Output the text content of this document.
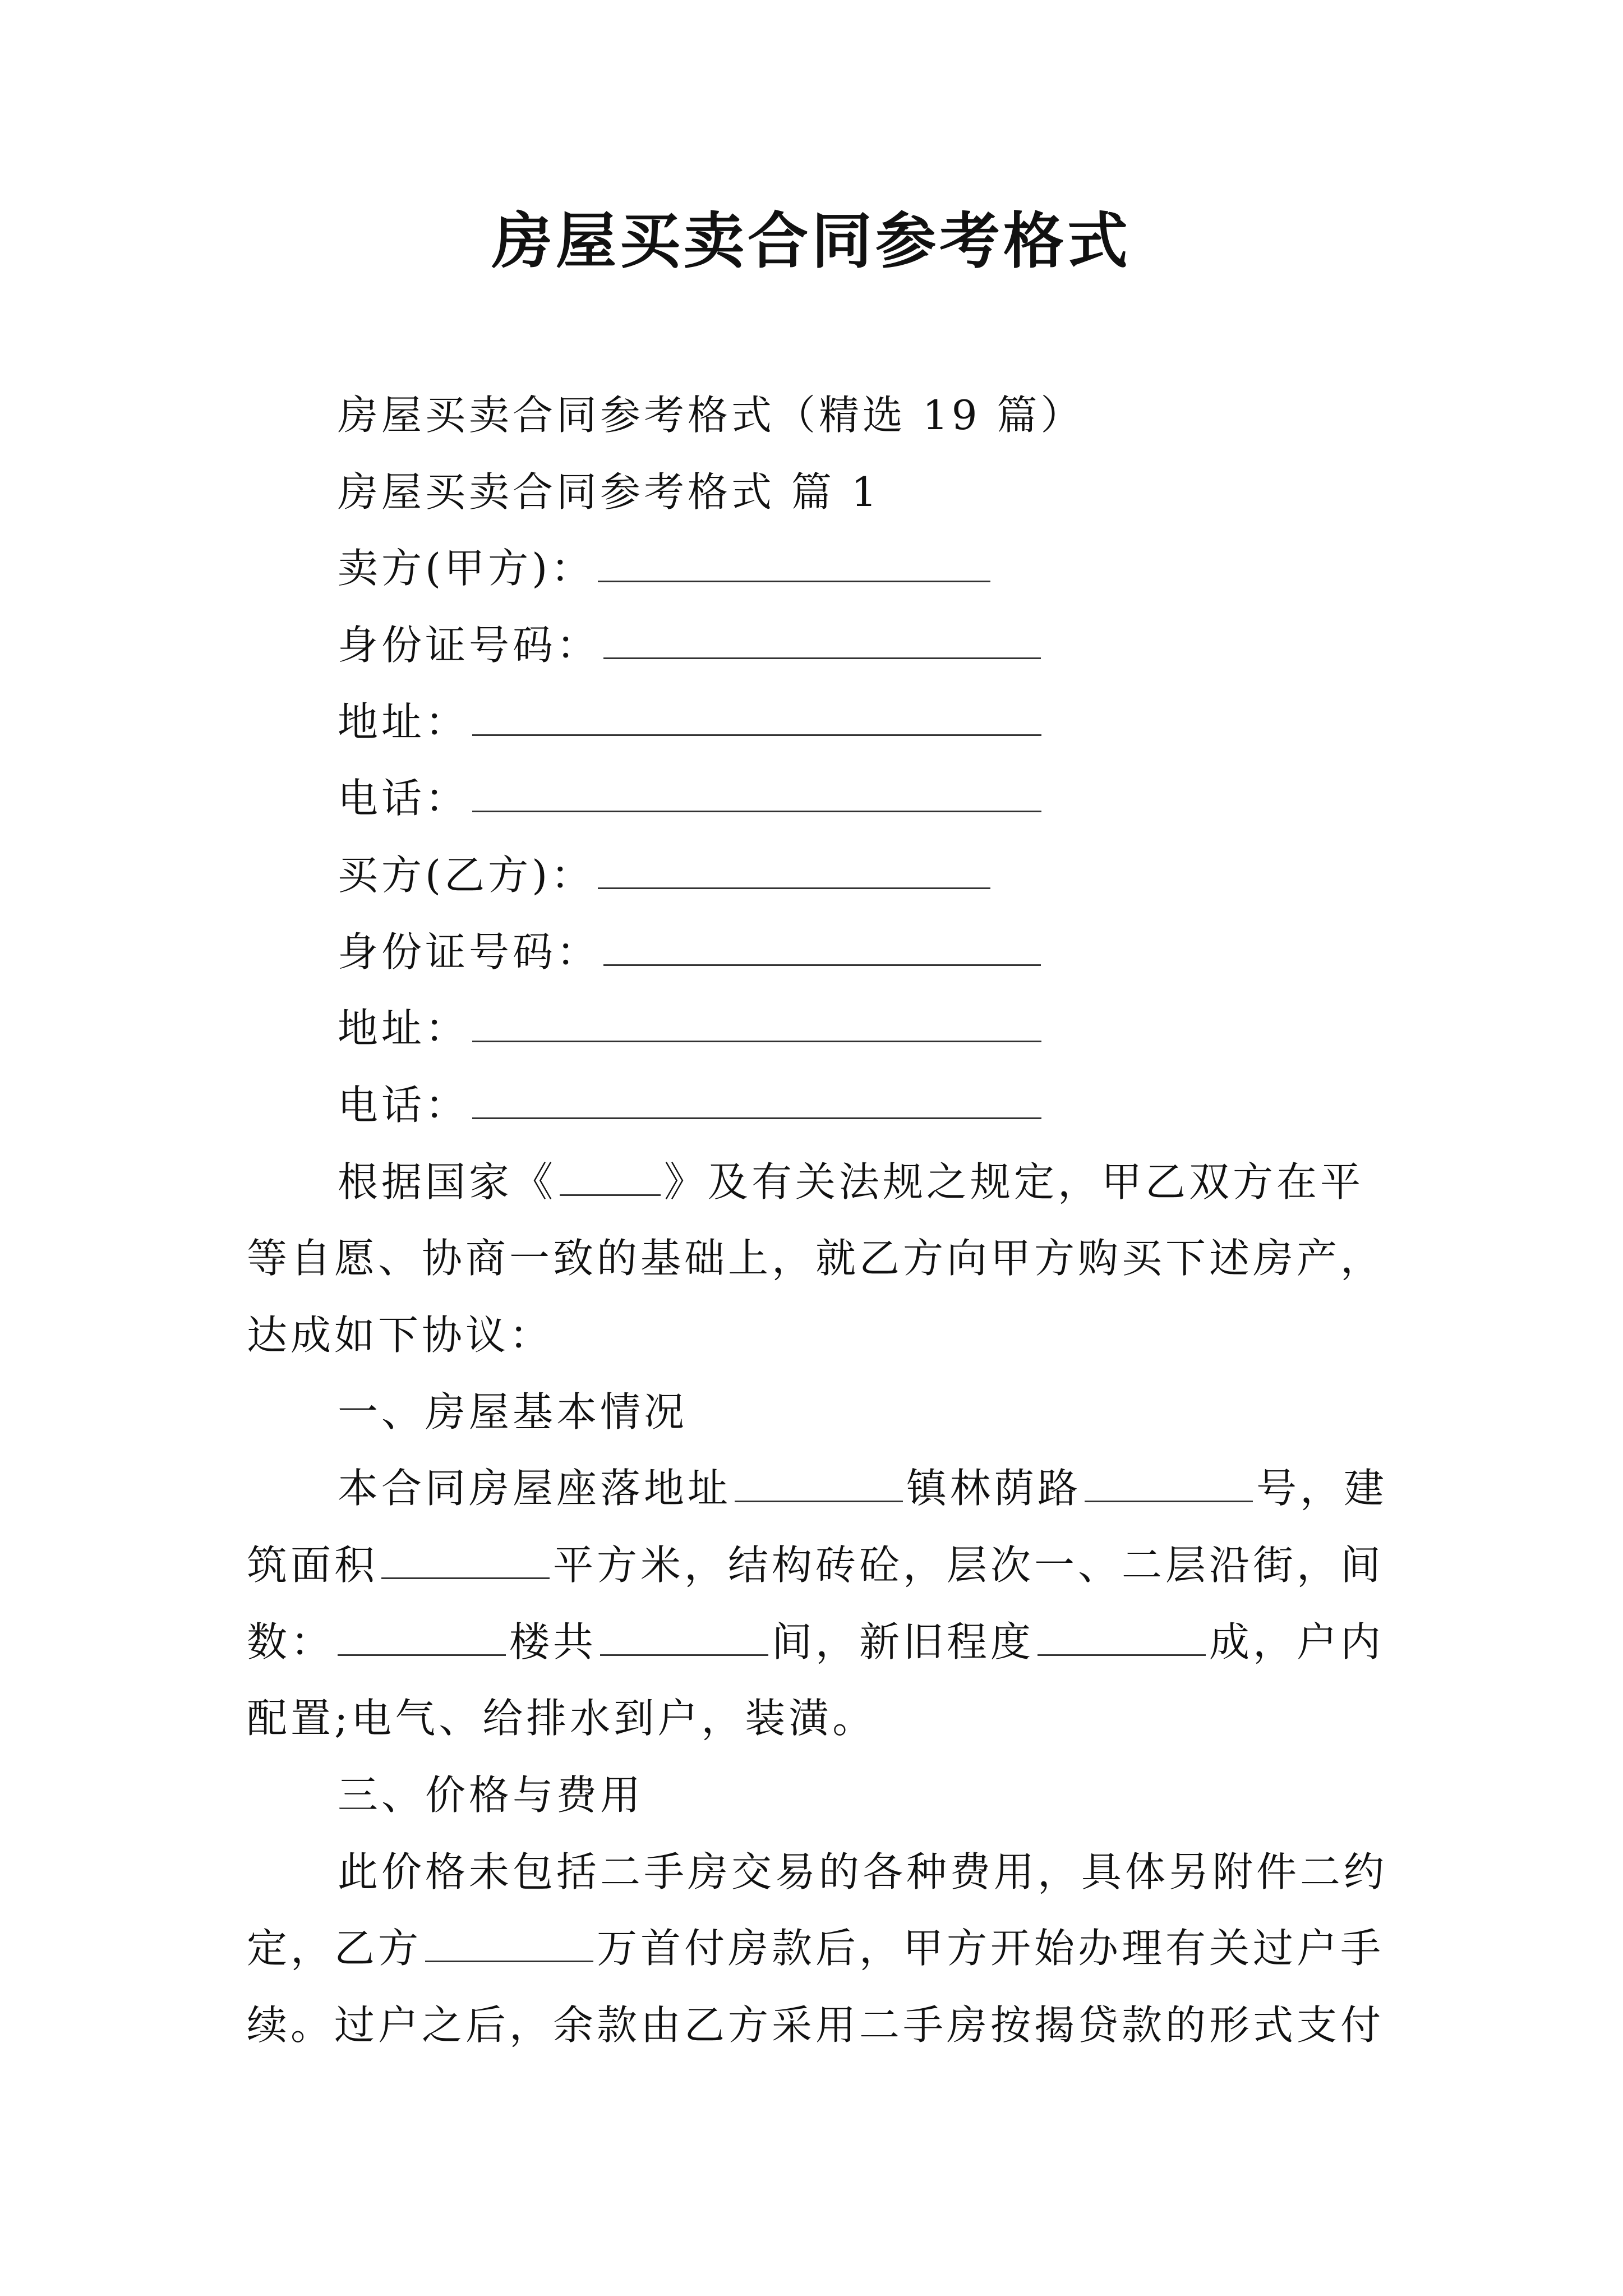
房屋买卖合同参考格式
房屋买卖合同参考格式（精选 19 篇）
房屋买卖合同参考格式 篇 1
卖方(甲方)：
身份证号码：
地址：
电话：
买方(乙方)：
身份证号码：
地址：
电话：
根据国家《	》及有关法规之规定，甲乙双方在平
等自愿、协商一致的基础上，就乙方向甲方购买下述房产，
达成如下协议：
一、房屋基本情况
本合同房屋座落地址	镇林荫路	号，建
筑面积	平方米，结构砖砼，层次一、二层沿街，间
数：	楼共	间，新旧程度	成，户内
配置;电气、给排水到户，装潢。
三、价格与费用
此价格未包括二手房交易的各种费用，具体另附件二约
定，乙方	万首付房款后，甲方开始办理有关过户手
续。过户之后，余款由乙方采用二手房按揭贷款的形式支付
